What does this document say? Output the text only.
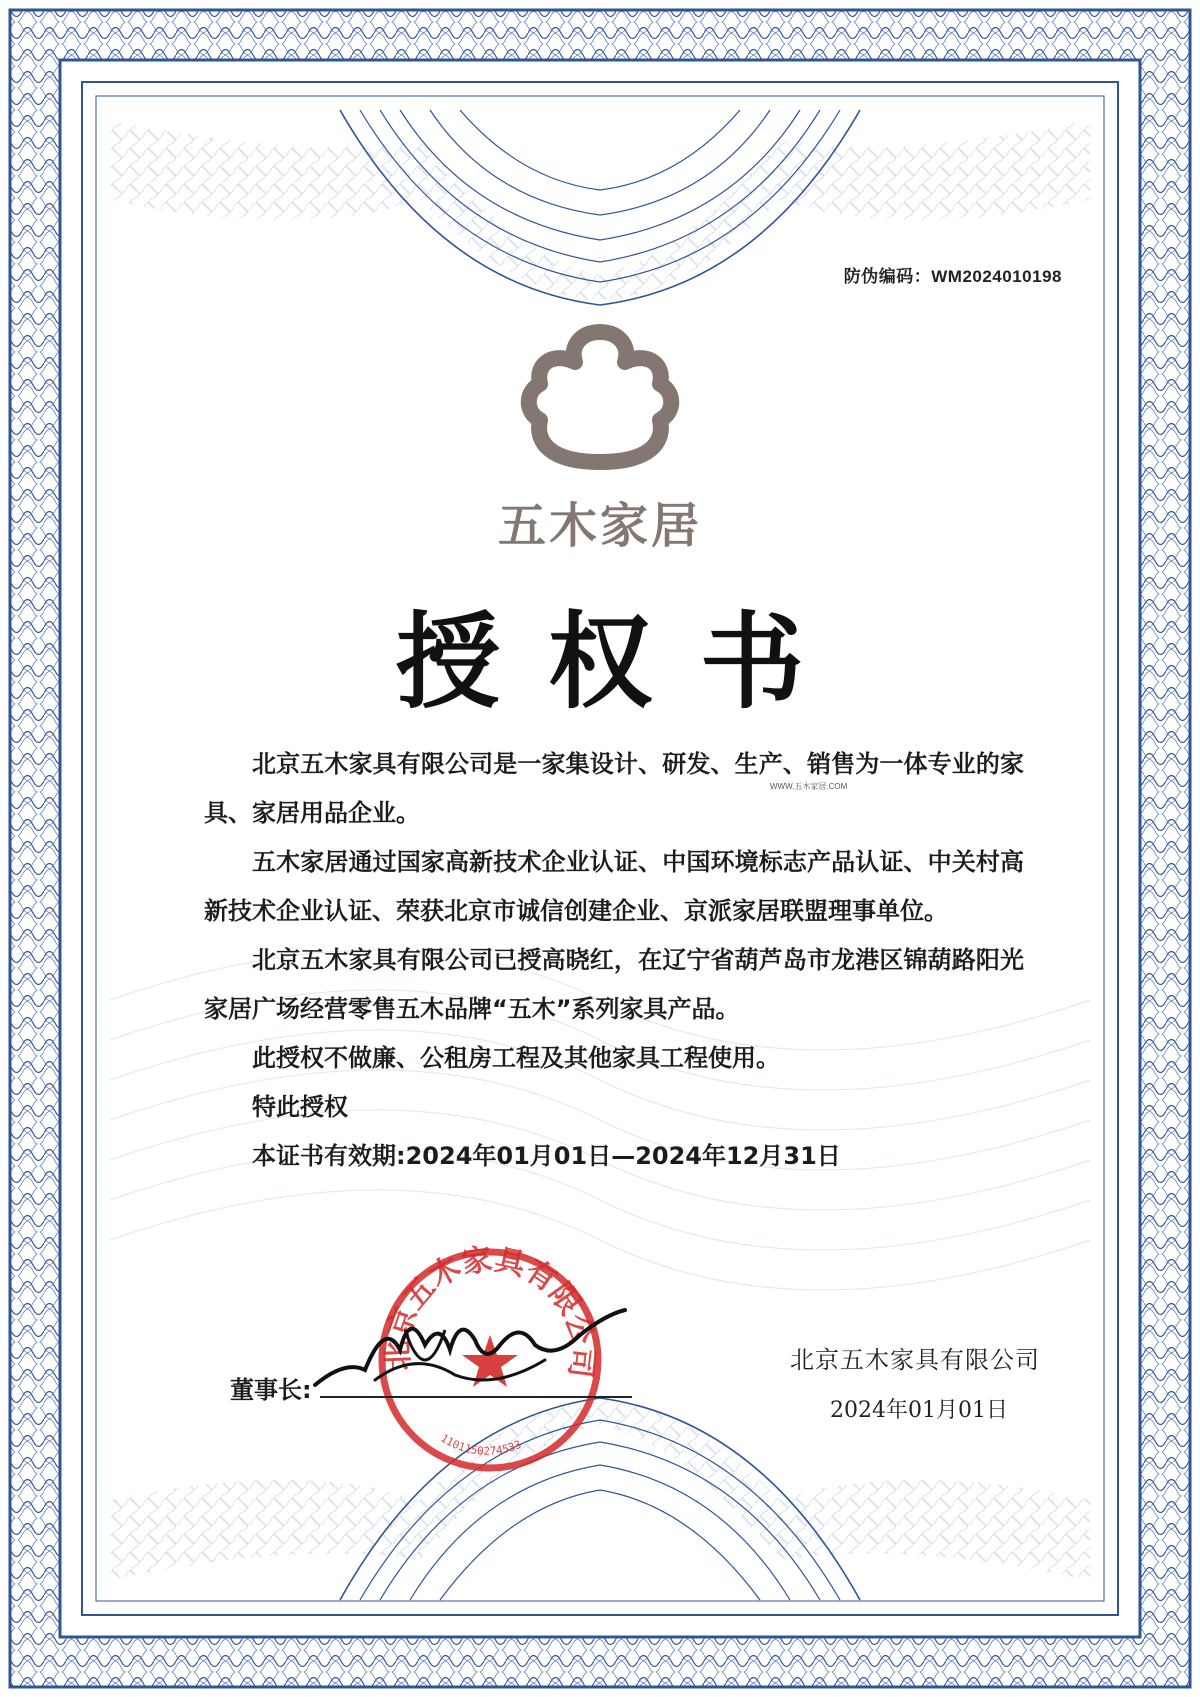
防伪编码：WM2024010198
五木家居
授权书
WWW.五木家居.COM

北京五木家具有限公司是一家集设计、研发、生产、销售为一体专业的家具、家居用品企业。

五木家居通过国家高新技术企业认证、中国环境标志产品认证、中关村高新技术企业认证、荣获北京市诚信创建企业、京派家居联盟理事单位。

北京五木家具有限公司已授高晓红，在辽宁省葫芦岛市龙港区锦葫路阳光家居广场经营零售五木品牌“五木”系列家具产品。

此授权不做廉、公租房工程及其他家具工程使用。

特此授权

本证书有效期:2024年01月01日—2024年12月31日

北京五木家具有限公司
1101150274533
董事长:
北京五木家具有限公司
2024年01月01日
